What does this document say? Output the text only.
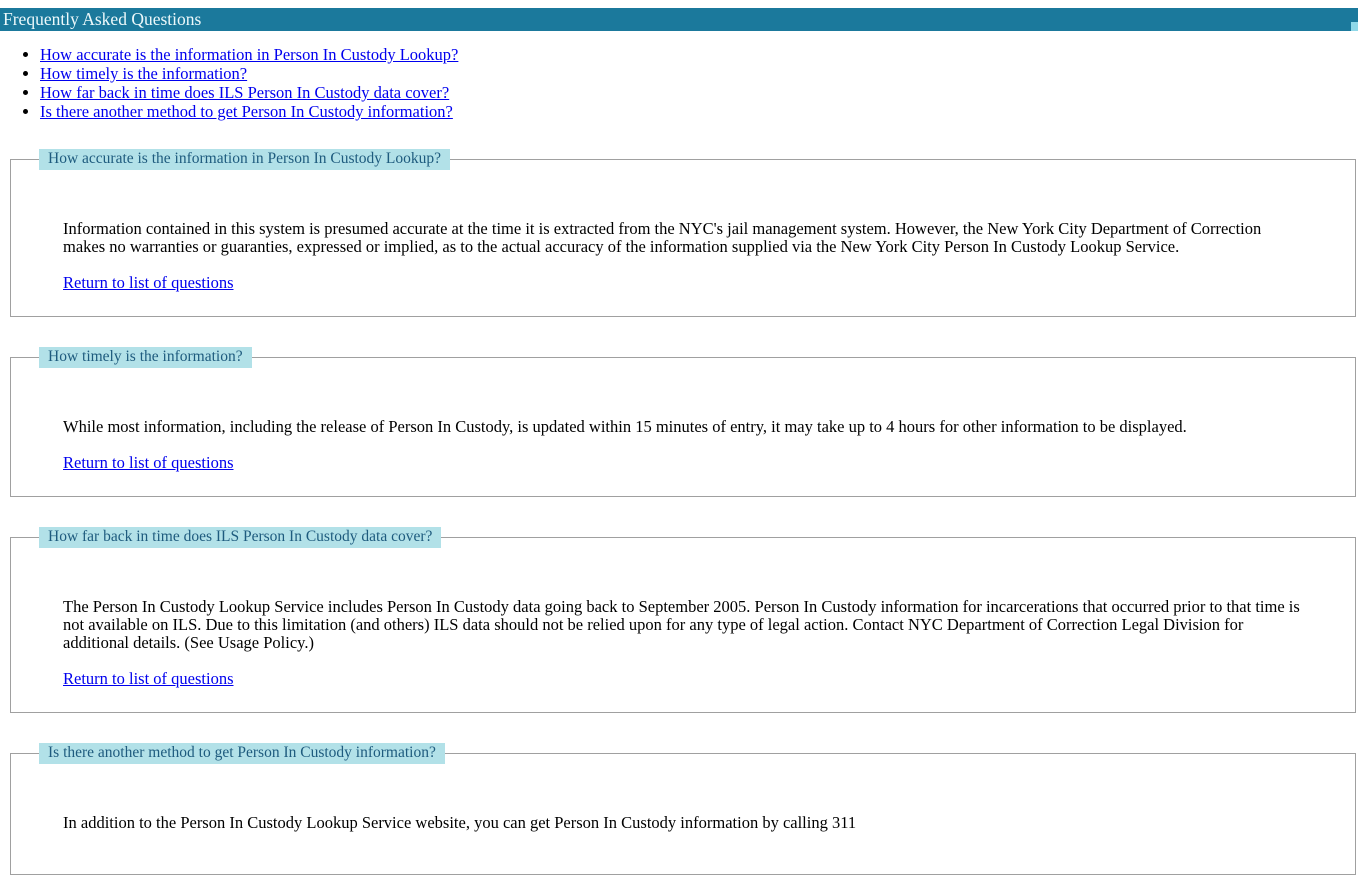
Frequently Asked Questions
• How accurate is the information in Person In Custody Lookup?
• How timely is the information?
• How far back in time does ILS Person In Custody data cover?
• Is there another method to get Person In Custody information?
How accurate is the information in Person In Custody Lookup?

Information contained in this system is presumed accurate at the time it is extracted from the NYC's jail management system. However, the New York City Department of Correction makes no warranties or guaranties, expressed or implied, as to the actual accuracy of the information supplied via the New York City Person In Custody Lookup Service.

Return to list of questions

How timely is the information?

While most information, including the release of Person In Custody, is updated within 15 minutes of entry, it may take up to 4 hours for other information to be displayed.

Return to list of questions

How far back in time does ILS Person In Custody data cover?

The Person In Custody Lookup Service includes Person In Custody data going back to September 2005. Person In Custody information for incarcerations that occurred prior to that time is not available on ILS. Due to this limitation (and others) ILS data should not be relied upon for any type of legal action. Contact NYC Department of Correction Legal Division for additional details. (See Usage Policy.)

Return to list of questions

Is there another method to get Person In Custody information?

In addition to the Person In Custody Lookup Service website, you can get Person In Custody information by calling 311
